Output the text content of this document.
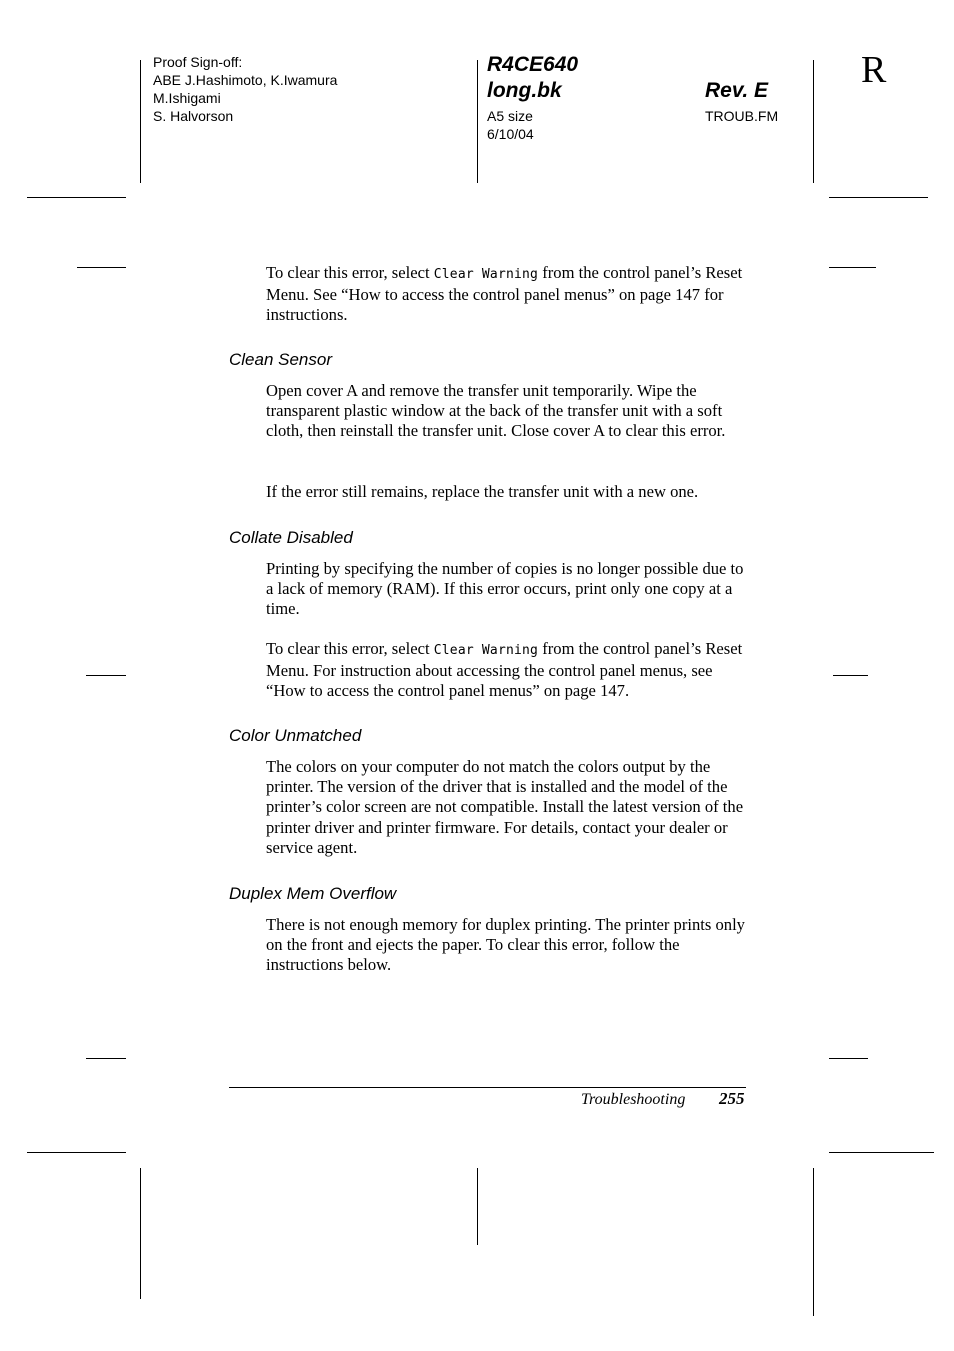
Proof Sign-off:
ABE J.Hashimoto, K.Iwamura
M.Ishigami
S. Halvorson
R4CE640
long.bk
A5 size
6/10/04
Rev. E
TROUB.FM
R

To clear this error, select Clear Warning from the control panel’s Reset Menu. See “How to access the control panel menus” on page 147 for instructions.

Clean Sensor

Open cover A and remove the transfer unit temporarily. Wipe the transparent plastic window at the back of the transfer unit with a soft cloth, then reinstall the transfer unit. Close cover A to clear this error.

If the error still remains, replace the transfer unit with a new one.

Collate Disabled

Printing by specifying the number of copies is no longer possible due to a lack of memory (RAM). If this error occurs, print only one copy at a time.

To clear this error, select Clear Warning from the control panel’s Reset Menu. For instruction about accessing the control panel menus, see “How to access the control panel menus” on page 147.

Color Unmatched

The colors on your computer do not match the colors output by the printer. The version of the driver that is installed and the model of the printer’s color screen are not compatible. Install the latest version of the printer driver and printer firmware. For details, contact your dealer or service agent.

Duplex Mem Overflow

There is not enough memory for duplex printing. The printer prints only on the front and ejects the paper. To clear this error, follow the instructions below.

Troubleshooting 255
